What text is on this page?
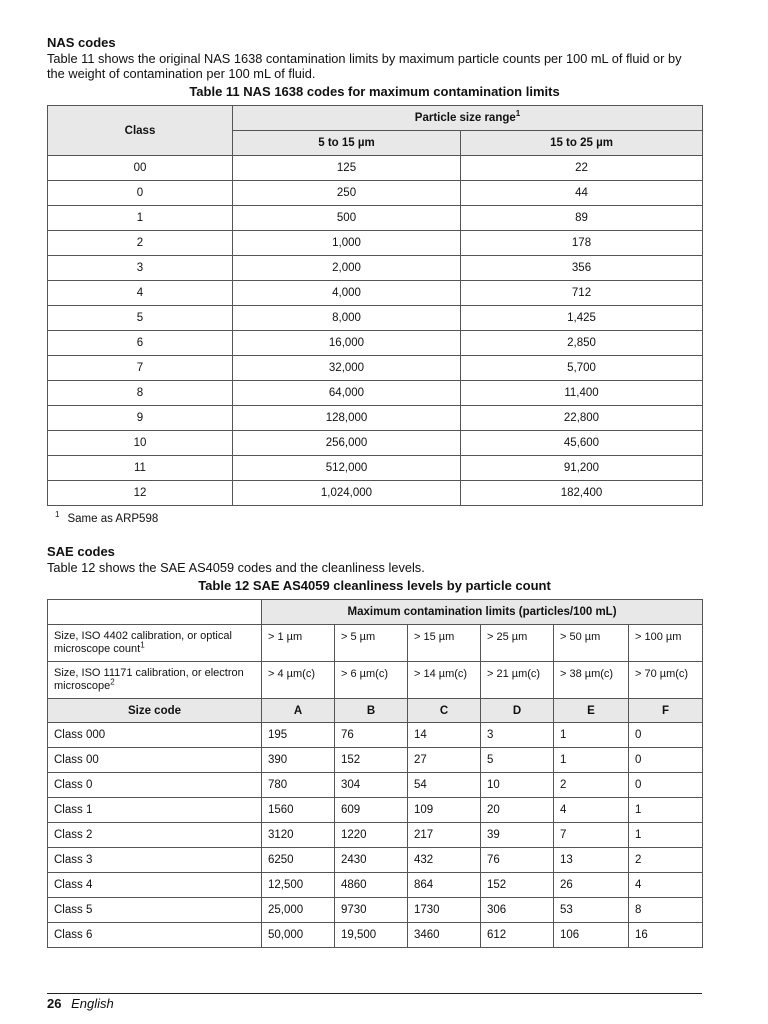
NAS codes

Table 11 shows the original NAS 1638 contamination limits by maximum particle counts per 100 mL of fluid or by the weight of contamination per 100 mL of fluid.

Table 11 NAS 1638 codes for maximum contamination limits
Class	Particle size range$^1$
	5 to 15 µm	15 to 25 µm
00	125	22
0	250	44
1	500	89
2	1,000	178
3	2,000	356
4	4,000	712
5	8,000	1,425
6	16,000	2,850
7	32,000	5,700
8	64,000	11,400
9	128,000	22,800
10	256,000	45,600
11	512,000	91,200
12	1,024,000	182,400
$^1$ Same as ARP598
SAE codes

Table 12 shows the SAE AS4059 codes and the cleanliness levels.

Table 12 SAE AS4059 cleanliness levels by particle count
	Maximum contamination limits (particles/100 mL)					
Size, ISO 4402 calibration, or optical microscope count$^1$	> 1 µm	> 5 µm	> 15 µm	> 25 µm	> 50 µm	> 100 µm
Size, ISO 11171 calibration, or electron microscope$^2$	> 4 µm(c)	> 6 µm(c)	> 14 µm(c)	> 21 µm(c)	> 38 µm(c)	> 70 µm(c)
Size code	A	B	C	D	E	F
Class 000	195	76	14	3	1	0
Class 00	390	152	27	5	1	0
Class 0	780	304	54	10	2	0
Class 1	1560	609	109	20	4	1
Class 2	3120	1220	217	39	7	1
Class 3	6250	2430	432	76	13	2
Class 4	12,500	4860	864	152	26	4
Class 5	25,000	9730	1730	306	53	8
Class 6	50,000	19,500	3460	612	106	16
26 English
